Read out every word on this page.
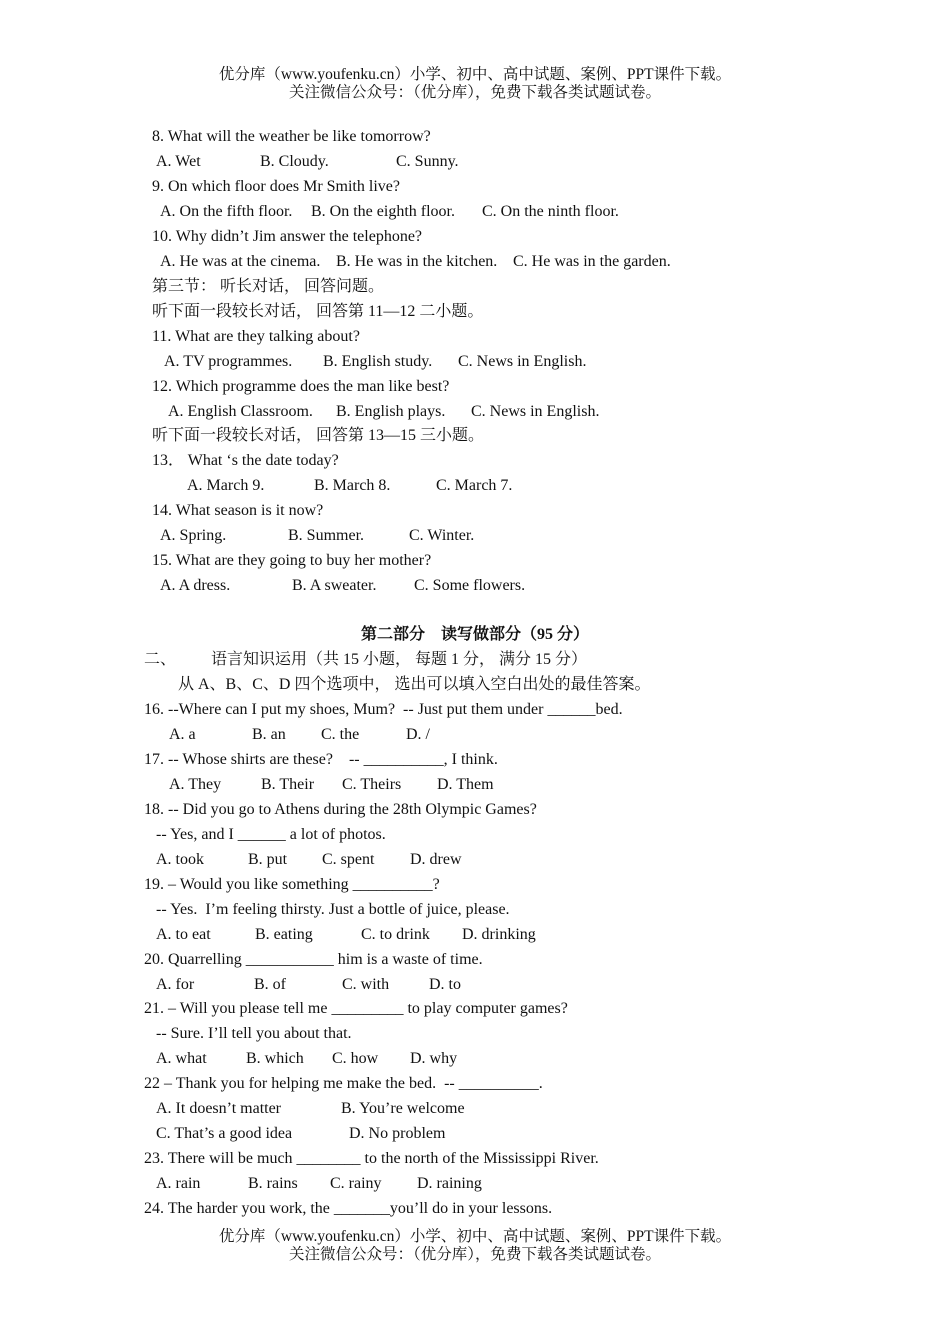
优分库（www.youfenku.cn）小学、初中、高中试题、案例、PPT课件下载。
关注微信公众号：（优分库），免费下载各类试题试卷。
8. What will the weather be like tomorrow?
A. Wet	B. Cloudy.	C. Sunny.
9. On which floor does Mr Smith live?
A. On the fifth floor. B. On the eighth floor. C. On the ninth floor.
10. Why didn’t Jim answer the telephone?
A. He was at the cinema. B. He was in the kitchen. C. He was in the garden.
第三节： 听长对话， 回答问题。
听下面一段较长对话， 回答第 11—12 二小题。
11. What are they talking about?
A. TV programmes. B. English study. C. News in English.
12. Which programme does the man like best?
A. English Classroom. B. English plays. C. News in English.
听下面一段较长对话， 回答第 13—15 三小题。
13． What ‘s the date today?
A. March 9.	B. March 8.	C. March 7.
14. What season is it now?
A. Spring.	B. Summer.	C. Winter.
15. What are they going to buy her mother?
A. A dress.	B. A sweater. C. Some flowers.
第二部分　读写做部分（95 分）
二、 语言知识运用（共 15 小题， 每题 1 分， 满分 15 分）
从 A、B、C、D 四个选项中， 选出可以填入空白出处的最佳答案。
16. --Where can I put my shoes, Mum?  -- Just put them under ______bed.
A. a	B. an C. the	D. /
17. -- Whose shirts are these?    -- __________, I think.
A. They B. Their C. Theirs D. Them
18. -- Did you go to Athens during the 28th Olympic Games?
-- Yes, and I ______ a lot of photos.
A. took	B. put C. spent D. drew
19. – Would you like something __________?
-- Yes.  I’m feeling thirsty. Just a bottle of juice, please.
A. to eat	B. eating	C. to drink D. drinking
20. Quarrelling ___________ him is a waste of time.
A. for	B. of	C. with D. to
21. – Will you please tell me _________ to play computer games?
-- Sure. I’ll tell you about that.
A. what B. which C. how D. why
22 – Thank you for helping me make the bed.  -- __________.
A. It doesn’t matter	B. You’re welcome
C. That’s a good idea	D. No problem
23. There will be much ________ to the north of the Mississippi River.
A. rain	B. rains C. rainy D. raining
24. The harder you work, the _______you’ll do in your lessons.
优分库（www.youfenku.cn）小学、初中、高中试题、案例、PPT课件下载。
关注微信公众号：（优分库），免费下载各类试题试卷。
